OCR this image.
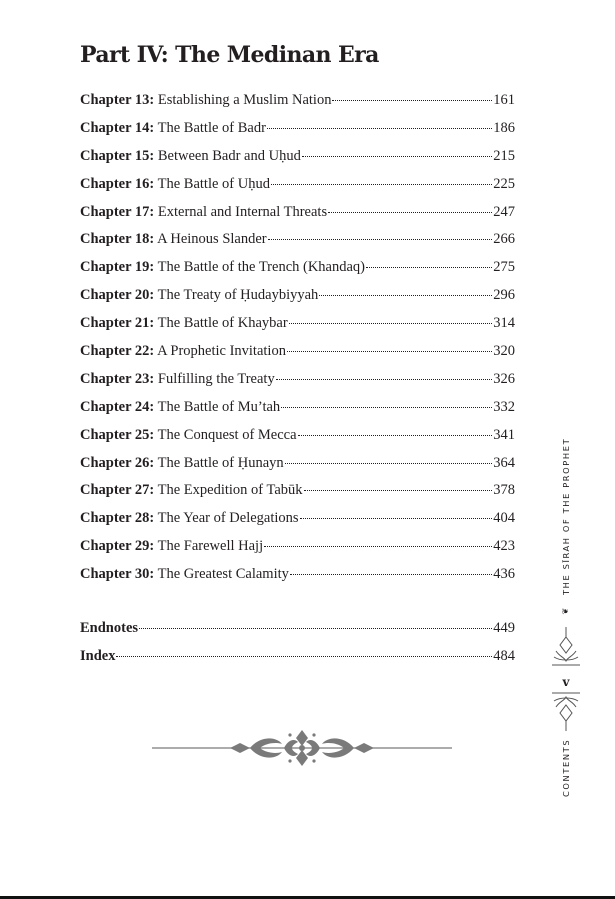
Part IV: The Medinan Era
Chapter 13: Establishing a Muslim Nation	161
Chapter 14: The Battle of Badr	186
Chapter 15: Between Badr and Uḥud	215
Chapter 16: The Battle of Uḥud	225
Chapter 17: External and Internal Threats	247
Chapter 18: A Heinous Slander	266
Chapter 19: The Battle of the Trench (Khandaq)	275
Chapter 20: The Treaty of Ḥudaybiyyah	296
Chapter 21: The Battle of Khaybar	314
Chapter 22: A Prophetic Invitation	320
Chapter 23: Fulfilling the Treaty	326
Chapter 24: The Battle of Mu’tah	332
Chapter 25: The Conquest of Mecca	341
Chapter 26: The Battle of Ḥunayn	364
Chapter 27: The Expedition of Tabūk	378
Chapter 28: The Year of Delegations	404
Chapter 29: The Farewell Hajj	423
Chapter 30: The Greatest Calamity	436
Endnotes	449
Index	484
❦
THE SĪRAH OF THE PROPHET
v
CONTENTS
